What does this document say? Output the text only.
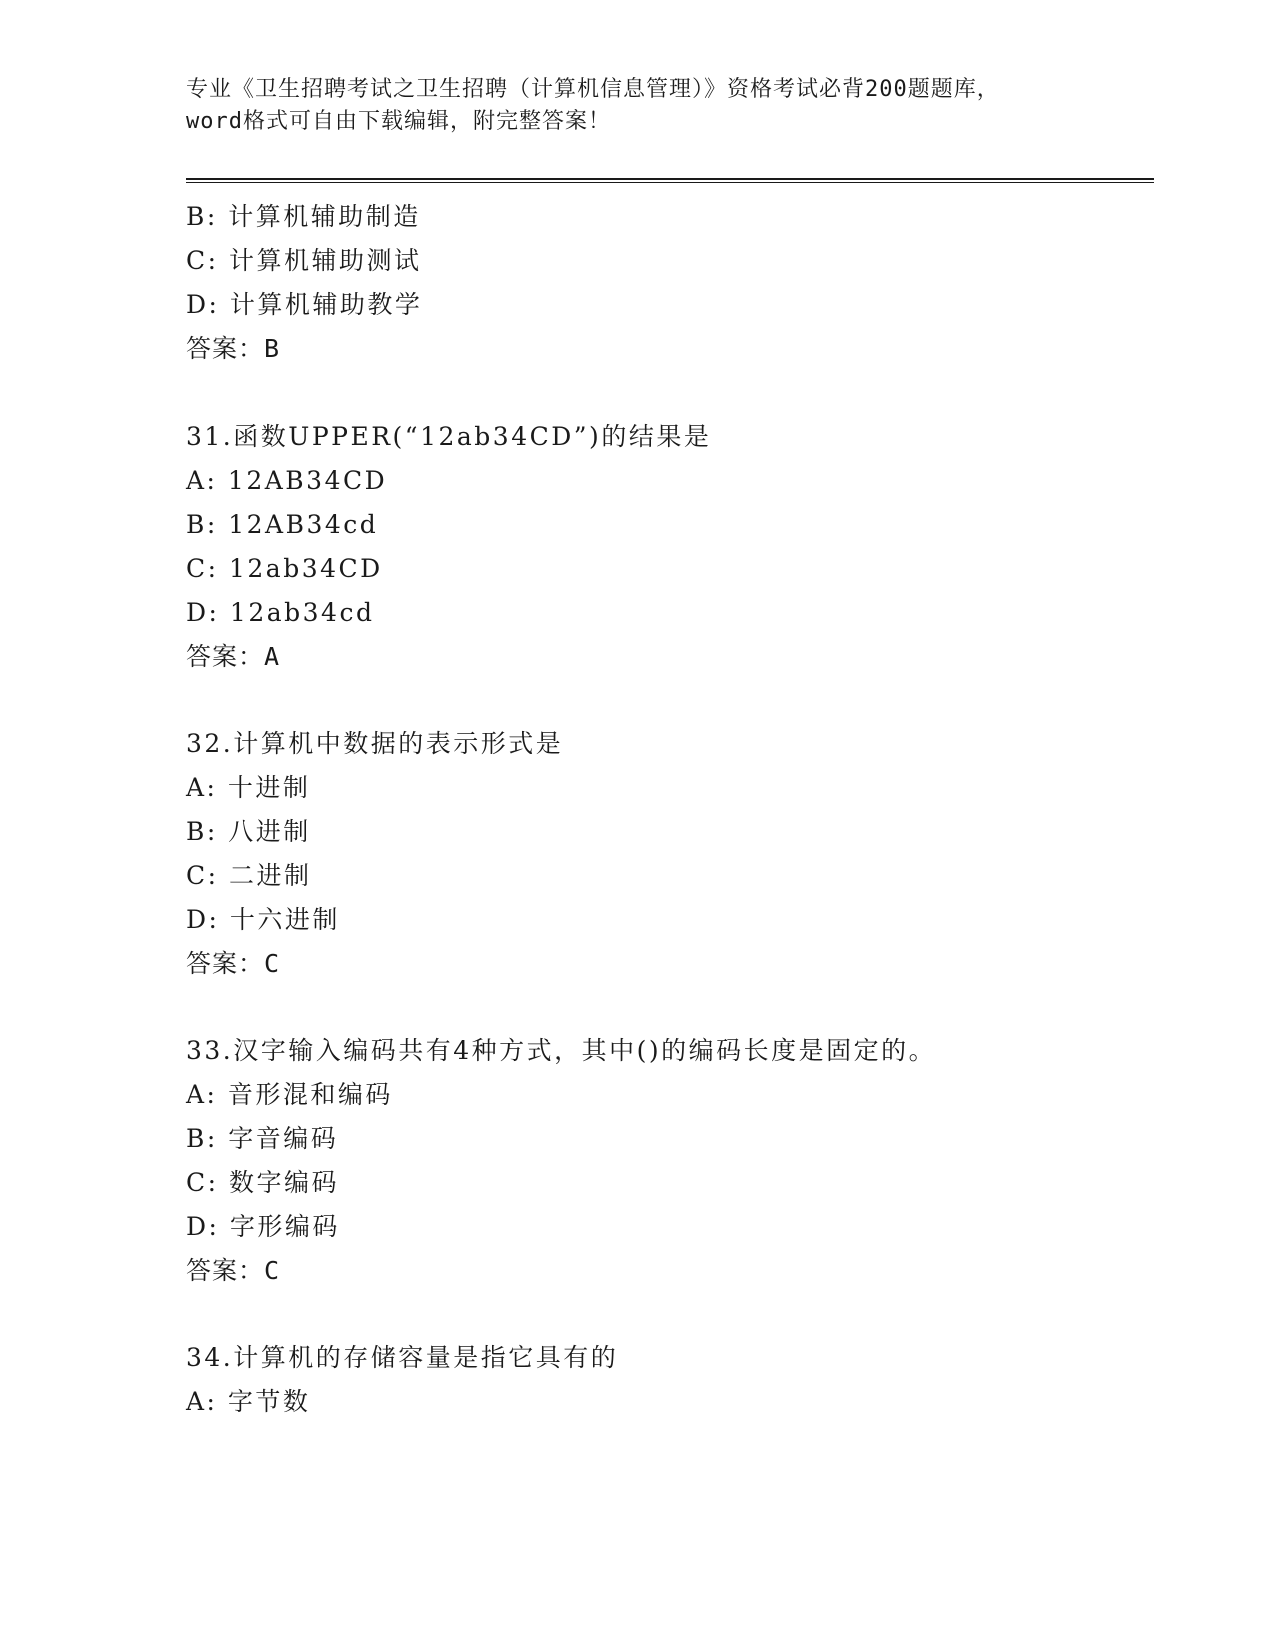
专业《卫生招聘考试之卫生招聘（计算机信息管理）》资格考试必背200题题库，
word格式可自由下载编辑，附完整答案！
B: 计算机辅助制造
C: 计算机辅助测试
D: 计算机辅助教学
答案：B
31.函数UPPER(“12ab34CD”)的结果是
A: 12AB34CD
B: 12AB34cd
C: 12ab34CD
D: 12ab34cd
答案：A
32.计算机中数据的表示形式是
A: 十进制
B: 八进制
C: 二进制
D: 十六进制
答案：C
33.汉字输入编码共有4种方式，其中()的编码长度是固定的。
A: 音形混和编码
B: 字音编码
C: 数字编码
D: 字形编码
答案：C
34.计算机的存储容量是指它具有的
A: 字节数
